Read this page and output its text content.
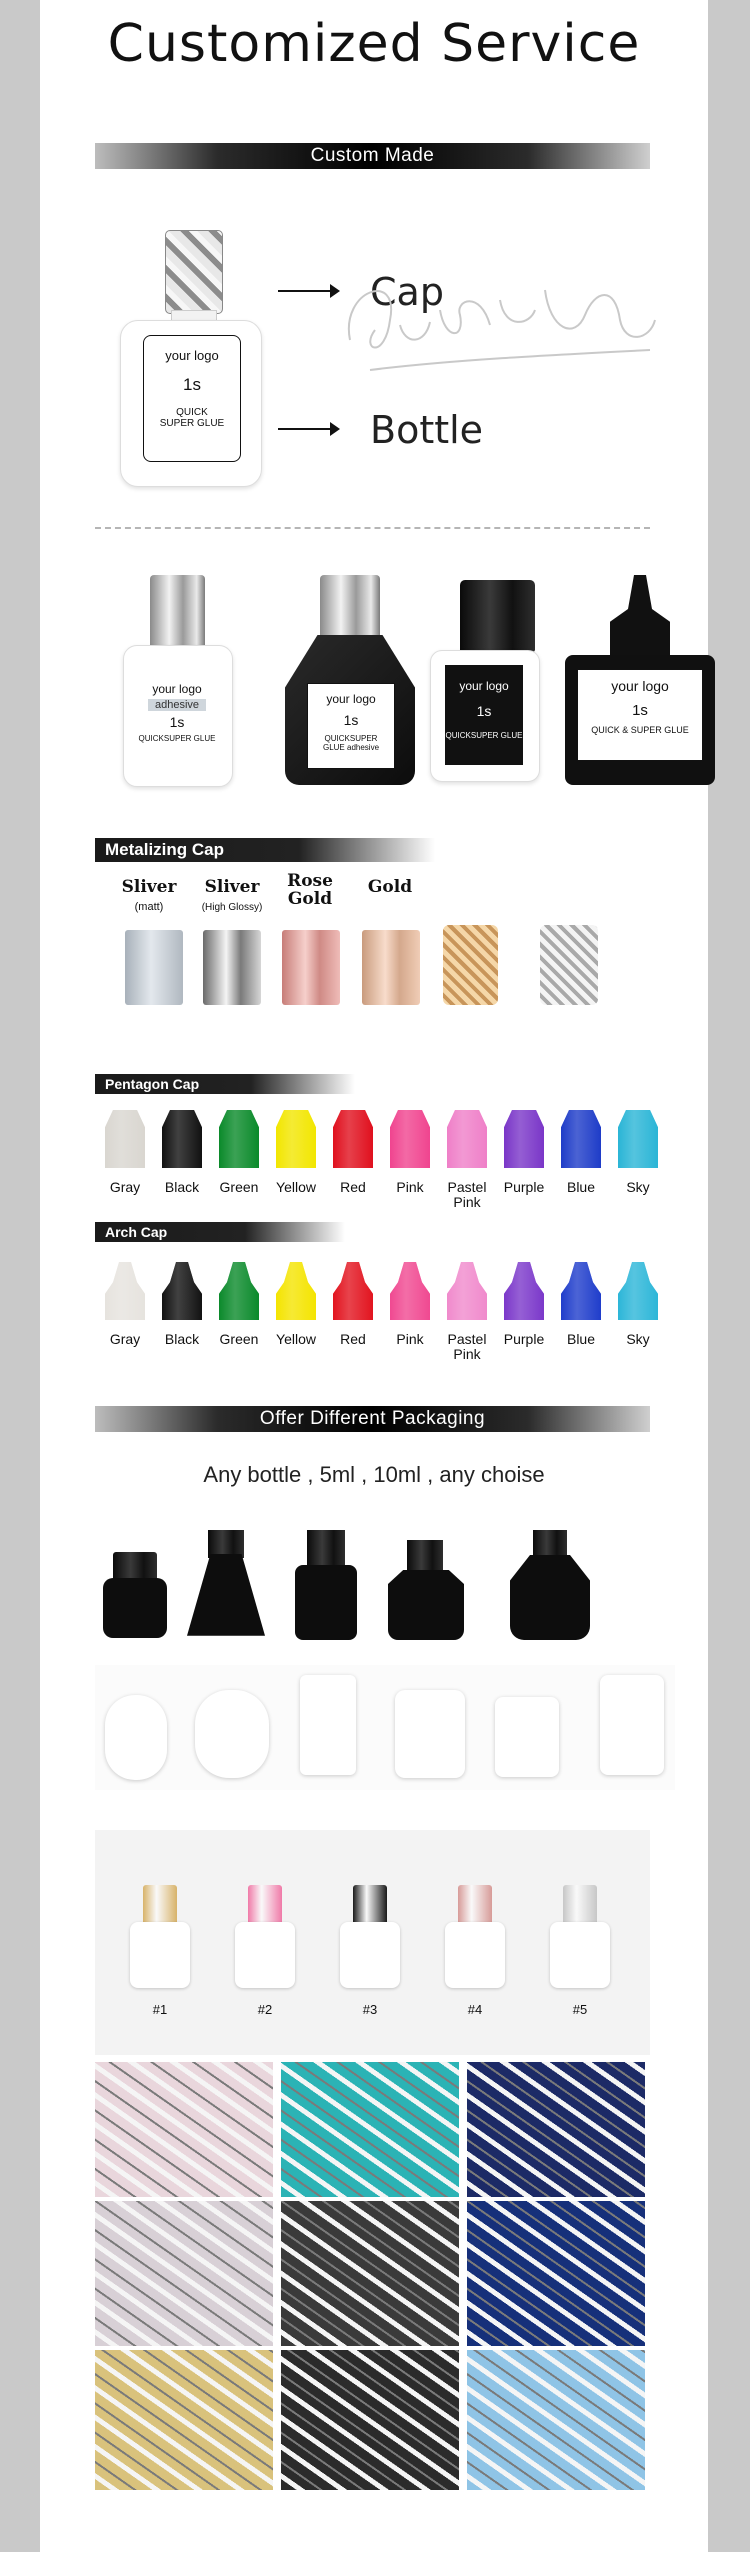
Customized Service
Custom Made
your logo
1s
QUICK
SUPER GLUE
Cap
Bottle
your logo
adhesive
1s
QUICKSUPER GLUE
your logo
1s
QUICKSUPER GLUE adhesive
your logo
1s
QUICKSUPER GLUE
your logo
1s
QUICK & SUPER GLUE
Metalizing Cap
Sliver
(matt)
Sliver
(High Glossy)
Rose Gold
Gold
Pentagon Cap
Gray	Black	Green	Yellow	Red	Pink	Pastel Pink
Purple	Blue	Sky
Arch Cap
Gray	Black	Green	Yellow	Red	Pink	Pastel Pink
Purple	Blue	Sky
Offer Different Packaging
Any bottle , 5ml , 10ml , any choise
#1	#2	#3	#4	#5
